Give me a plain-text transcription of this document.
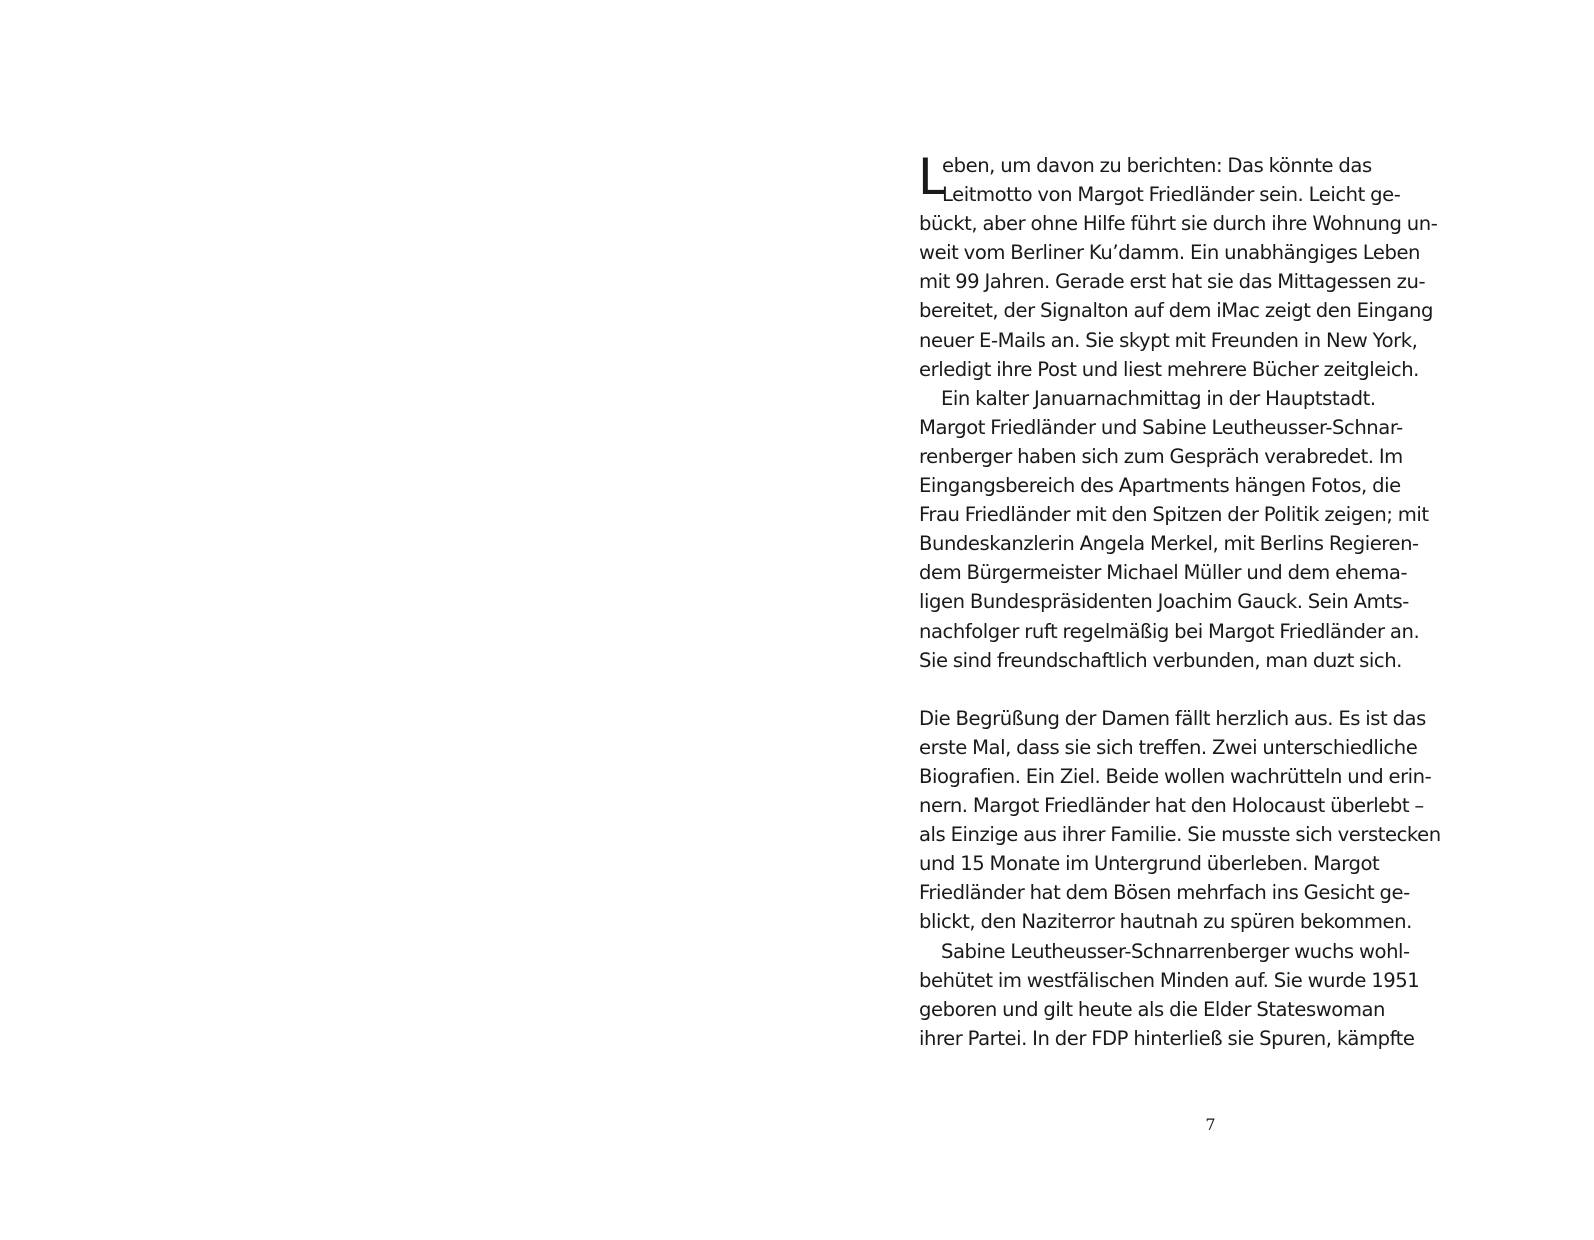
L
eben, um davon zu berichten: Das könnte das
Leitmotto von Margot Friedländer sein. Leicht ge-
bückt, aber ohne Hilfe führt sie durch ihre Wohnung un-
weit vom Berliner Ku’damm. Ein unabhängiges Leben
mit 99 Jahren. Gerade erst hat sie das Mittagessen zu-
bereitet, der Signalton auf dem iMac zeigt den Eingang
neuer E-Mails an. Sie skypt mit Freunden in New York,
erledigt ihre Post und liest mehrere Bücher zeitgleich.
Ein kalter Januarnachmittag in der Hauptstadt.
Margot Friedländer und Sabine Leutheusser-Schnar-
renberger haben sich zum Gespräch verabredet. Im
Eingangsbereich des Apartments hängen Fotos, die
Frau Friedländer mit den Spitzen der Politik zeigen; mit
Bundeskanzlerin Angela Merkel, mit Berlins Regieren-
dem Bürgermeister Michael Müller und dem ehema-
ligen Bundespräsidenten Joachim Gauck. Sein Amts-
nachfolger ruft regelmäßig bei Margot Friedländer an.
Sie sind freundschaftlich verbunden, man duzt sich.
Die Begrüßung der Damen fällt herzlich aus. Es ist das
erste Mal, dass sie sich treffen. Zwei unterschiedliche
Biografien. Ein Ziel. Beide wollen wachrütteln und erin-
nern. Margot Friedländer hat den Holocaust überlebt –
als Einzige aus ihrer Familie. Sie musste sich verstecken
und 15 Monate im Untergrund überleben. Margot
Friedländer hat dem Bösen mehrfach ins Gesicht ge-
blickt, den Naziterror hautnah zu spüren bekommen.
Sabine Leutheusser-Schnarrenberger wuchs wohl-
behütet im westfälischen Minden auf. Sie wurde 1951
geboren und gilt heute als die Elder Stateswoman
ihrer Partei. In der FDP hinterließ sie Spuren, kämpfte
7
